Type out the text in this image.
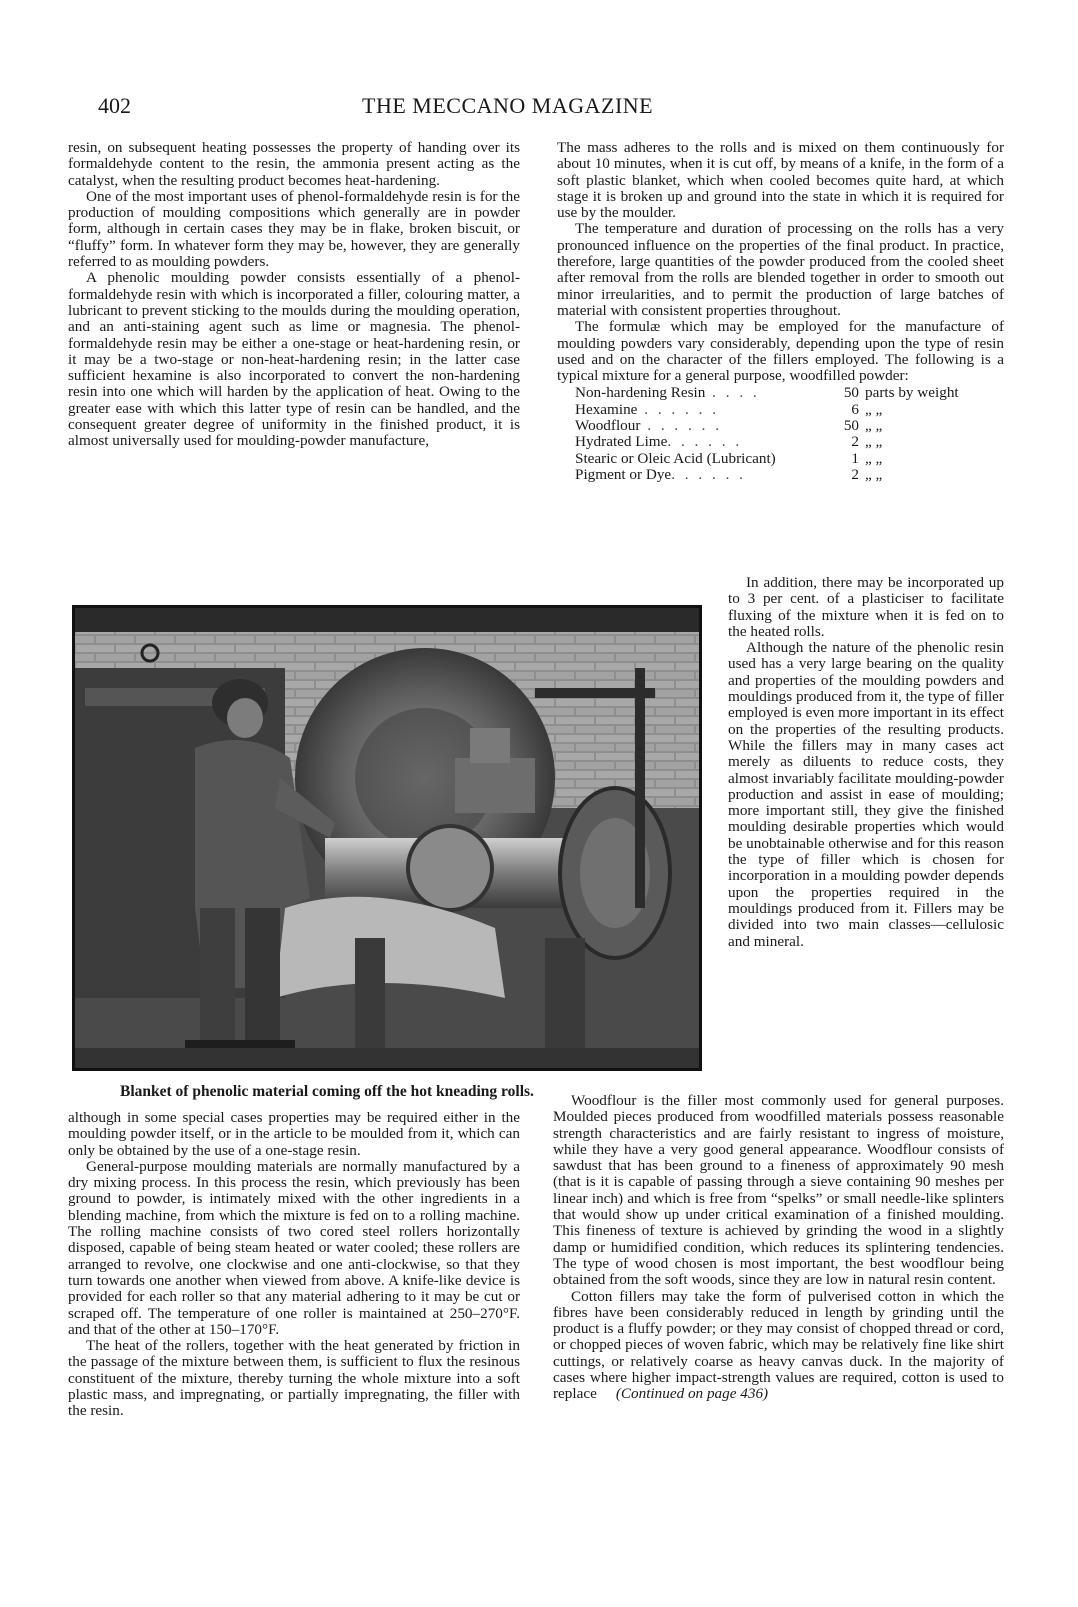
402	THE MECCANO MAGAZINE

resin, on subsequent heating possesses the property of handing over its formaldehyde content to the resin, the ammonia present acting as the catalyst, when the resulting product becomes heat-hardening.

One of the most important uses of phenol-formaldehyde resin is for the production of moulding compositions which generally are in powder form, although in certain cases they may be in flake, broken biscuit, or “fluffy” form. In whatever form they may be, however, they are generally referred to as moulding powders.

A phenolic moulding powder consists essentially of a phenol-formaldehyde resin with which is incorporated a filler, colouring matter, a lubricant to prevent sticking to the moulds during the moulding operation, and an anti-staining agent such as lime or magnesia. The phenol-formaldehyde resin may be either a one-stage or heat-hardening resin, or it may be a two-stage or non-heat-hardening resin; in the latter case sufficient hexamine is also incorporated to convert the non-hardening resin into one which will harden by the application of heat. Owing to the greater ease with which this latter type of resin can be handled, and the consequent greater degree of uniformity in the finished product, it is almost universally used for moulding-powder manufacture,

The mass adheres to the rolls and is mixed on them continuously for about 10 minutes, when it is cut off, by means of a knife, in the form of a soft plastic blanket, which when cooled becomes quite hard, at which stage it is broken up and ground into the state in which it is required for use by the moulder.

The temperature and duration of processing on the rolls has a very pronounced influence on the properties of the final product. In practice, therefore, large quantities of the powder produced from the cooled sheet after removal from the rolls are blended together in order to smooth out minor irreularities, and to permit the production of large batches of material with consistent properties throughout.

The formulæ which may be employed for the manufacture of moulding powders vary considerably, depending upon the type of resin used and on the character of the fillers employed. The following is a typical mixture for a general purpose, woodfilled powder:

Non-hardening Resin . . . .	50 parts by weight
Hexamine . . . . . .	6 „ „
Woodflour . . . . . .	50 „ „
Hydrated Lime. . . . . .	2 „ „
Stearic or Oleic Acid (Lubricant)	1 „ „
Pigment or Dye. . . . . .	2 „ „

In addition, there may be incorporated up to 3 per cent. of a plasticiser to facilitate fluxing of the mixture when it is fed on to the heated rolls.

Although the nature of the phenolic resin used has a very large bearing on the quality and properties of the moulding powders and mouldings produced from it, the type of filler employed is even more important in its effect on the properties of the resulting products. While the fillers may in many cases act merely as diluents to reduce costs, they almost invariably facilitate moulding-powder production and assist in ease of moulding; more important still, they give the finished moulding desirable properties which would be unobtainable otherwise and for this reason the type of filler which is chosen for incorporation in a moulding powder depends upon the properties required in the mouldings produced from it. Fillers may be divided into two main classes—cellulosic and mineral.

Blanket of phenolic material coming off the hot kneading rolls.

although in some special cases properties may be required either in the moulding powder itself, or in the article to be moulded from it, which can only be obtained by the use of a one-stage resin.

General-purpose moulding materials are normally manufactured by a dry mixing process. In this process the resin, which previously has been ground to powder, is intimately mixed with the other ingredients in a blending machine, from which the mixture is fed on to a rolling machine. The rolling machine consists of two cored steel rollers horizontally disposed, capable of being steam heated or water cooled; these rollers are arranged to revolve, one clockwise and one anti-clockwise, so that they turn towards one another when viewed from above. A knife-like device is provided for each roller so that any material adhering to it may be cut or scraped off. The temperature of one roller is maintained at 250–270°F. and that of the other at 150–170°F.

The heat of the rollers, together with the heat generated by friction in the passage of the mixture between them, is sufficient to flux the resinous constituent of the mixture, thereby turning the whole mixture into a soft plastic mass, and impregnating, or partially impregnating, the filler with the resin.

Woodflour is the filler most commonly used for general purposes. Moulded pieces produced from woodfilled materials possess reasonable strength characteristics and are fairly resistant to ingress of moisture, while they have a very good general appearance. Woodflour consists of sawdust that has been ground to a fineness of approximately 90 mesh (that is it is capable of passing through a sieve containing 90 meshes per linear inch) and which is free from “spelks” or small needle-like splinters that would show up under critical examination of a finished moulding. This fineness of texture is achieved by grinding the wood in a slightly damp or humidified condition, which reduces its splintering tendencies. The type of wood chosen is most important, the best woodflour being obtained from the soft woods, since they are low in natural resin content.

Cotton fillers may take the form of pulverised cotton in which the fibres have been considerably reduced in length by grinding until the product is a fluffy powder; or they may consist of chopped thread or cord, or chopped pieces of woven fabric, which may be relatively fine like shirt cuttings, or relatively coarse as heavy canvas duck. In the majority of cases where higher impact-strength values are required, cotton is used to replace (Continued on page 436)
